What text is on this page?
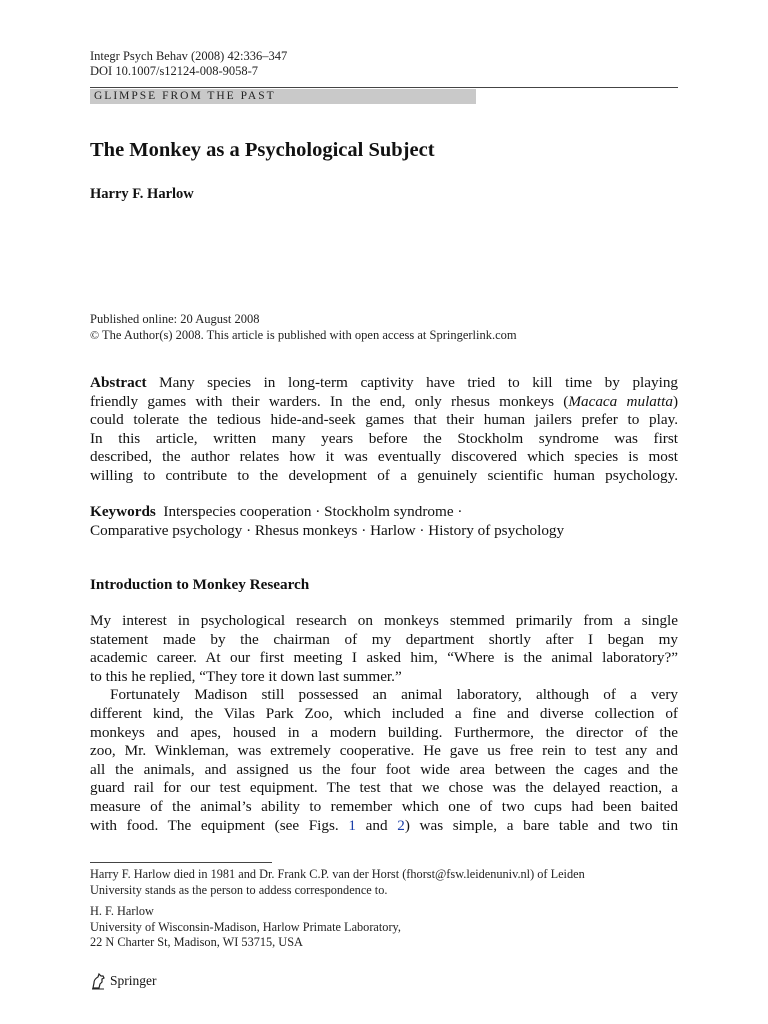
Integr Psych Behav (2008) 42:336–347
DOI 10.1007/s12124-008-9058-7
GLIMPSE FROM THE PAST
The Monkey as a Psychological Subject
Harry F. Harlow
Published online: 20 August 2008
© The Author(s) 2008. This article is published with open access at Springerlink.com
Abstract Many species in long-term captivity have tried to kill time by playing
friendly games with their warders. In the end, only rhesus monkeys (Macaca mulatta)
could tolerate the tedious hide-and-seek games that their human jailers prefer to play.
In this article, written many years before the Stockholm syndrome was first
described, the author relates how it was eventually discovered which species is most
willing to contribute to the development of a genuinely scientific human psychology.
Keywords Interspecies cooperation · Stockholm syndrome ·
Comparative psychology · Rhesus monkeys · Harlow · History of psychology
Introduction to Monkey Research
My interest in psychological research on monkeys stemmed primarily from a single
statement made by the chairman of my department shortly after I began my
academic career. At our first meeting I asked him, “Where is the animal laboratory?”
to this he replied, “They tore it down last summer.”
Fortunately Madison still possessed an animal laboratory, although of a very
different kind, the Vilas Park Zoo, which included a fine and diverse collection of
monkeys and apes, housed in a modern building. Furthermore, the director of the
zoo, Mr. Winkleman, was extremely cooperative. He gave us free rein to test any and
all the animals, and assigned us the four foot wide area between the cages and the
guard rail for our test equipment. The test that we chose was the delayed reaction, a
measure of the animal’s ability to remember which one of two cups had been baited
with food. The equipment (see Figs. 1 and 2) was simple, a bare table and two tin
Harry F. Harlow died in 1981 and Dr. Frank C.P. van der Horst (fhorst@fsw.leidenuniv.nl) of Leiden
University stands as the person to addess correspondence to.
H. F. Harlow
University of Wisconsin-Madison, Harlow Primate Laboratory,
22 N Charter St, Madison, WI 53715, USA
Springer
